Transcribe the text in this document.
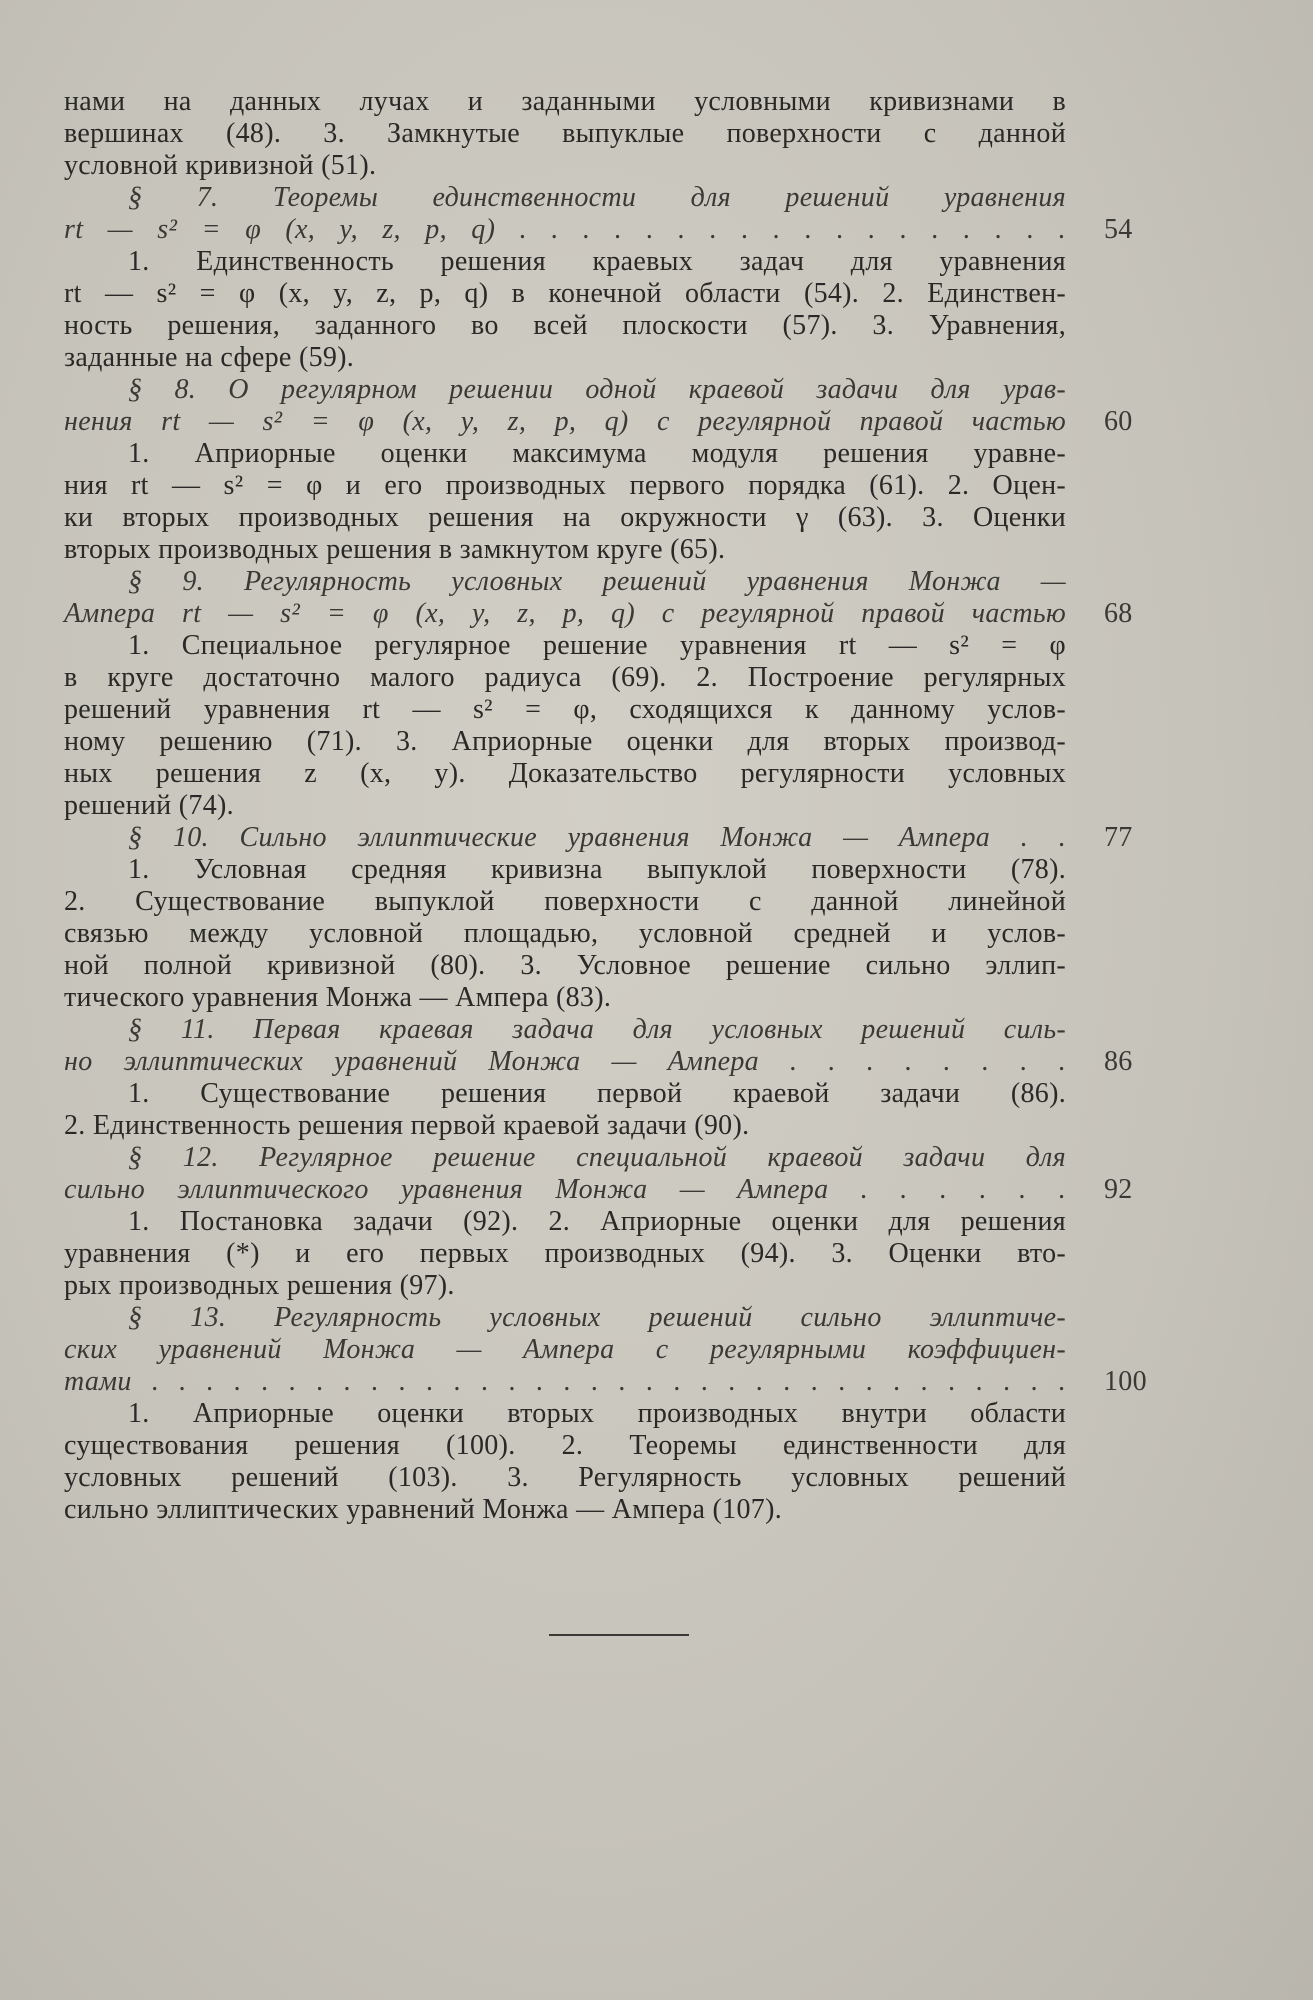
нами на данных лучах и заданными условными кривизнами в
вершинах (48). 3. Замкнутые выпуклые поверхности с данной
условной кривизной (51).
§ 7. Теоремы единственности для решений уравнения
rt — s² = φ (x, y, z, p, q) . . . . . . . . . . . . . . . . . . 54
1. Единственность решения краевых задач для уравнения
rt — s² = φ (x, y, z, p, q) в конечной области (54). 2. Единствен-
ность решения, заданного во всей плоскости (57). 3. Уравнения,
заданные на сфере (59).
§ 8. О регулярном решении одной краевой задачи для урав-
нения rt — s² = φ (x, y, z, p, q) с регулярной правой частью 60
1. Априорные оценки максимума модуля решения уравне-
ния rt — s² = φ и его производных первого порядка (61). 2. Оцен-
ки вторых производных решения на окружности γ (63). 3. Оценки
вторых производных решения в замкнутом круге (65).
§ 9. Регулярность условных решений уравнения Монжа —
Ампера rt — s² = φ (x, y, z, p, q) с регулярной правой частью 68
1. Специальное регулярное решение уравнения rt — s² = φ
в круге достаточно малого радиуса (69). 2. Построение регулярных
решений уравнения rt — s² = φ, сходящихся к данному услов-
ному решению (71). 3. Априорные оценки для вторых производ-
ных решения z (x, y). Доказательство регулярности условных
решений (74).
§ 10. Сильно эллиптические уравнения Монжа — Ампера . . 77
1. Условная средняя кривизна выпуклой поверхности (78).
2. Существование выпуклой поверхности с данной линейной
связью между условной площадью, условной средней и услов-
ной полной кривизной (80). 3. Условное решение сильно эллип-
тического уравнения Монжа — Ампера (83).
§ 11. Первая краевая задача для условных решений силь-
но эллиптических уравнений Монжа — Ампера . . . . . . . . 86
1. Существование решения первой краевой задачи (86).
2. Единственность решения первой краевой задачи (90).
§ 12. Регулярное решение специальной краевой задачи для
сильно эллиптического уравнения Монжа — Ампера . . . . . . 92
1. Постановка задачи (92). 2. Априорные оценки для решения
уравнения (*) и его первых производных (94). 3. Оценки вто-
рых производных решения (97).
§ 13. Регулярность условных решений сильно эллиптиче-
ских уравнений Монжа — Ампера с регулярными коэффициен-
тами . . . . . . . . . . . . . . . . . . . . . . . . . . . . . . . . . . 100
1. Априорные оценки вторых производных внутри области
существования решения (100). 2. Теоремы единственности для
условных решений (103). 3. Регулярность условных решений
сильно эллиптических уравнений Монжа — Ампера (107).
